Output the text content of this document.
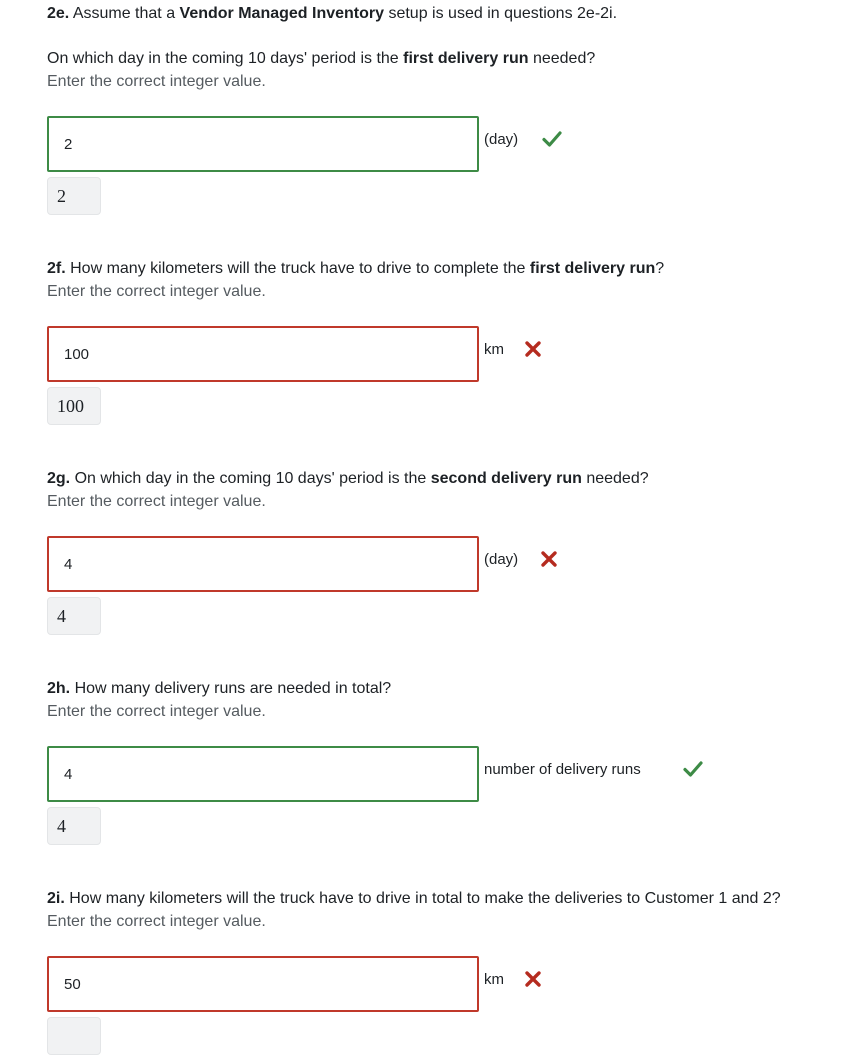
2e. Assume that a Vendor Managed Inventory setup is used in questions 2e-2i.
On which day in the coming 10 days' period is the first delivery run needed?
Enter the correct integer value.
2
(day)
2
2f. How many kilometers will the truck have to drive to complete the first delivery run?
Enter the correct integer value.
100
km
100
2g. On which day in the coming 10 days' period is the second delivery run needed?
Enter the correct integer value.
4
(day)
4
2h. How many delivery runs are needed in total?
Enter the correct integer value.
4
number of delivery runs
4
2i. How many kilometers will the truck have to drive in total to make the deliveries to Customer 1 and 2?
Enter the correct integer value.
50
km
